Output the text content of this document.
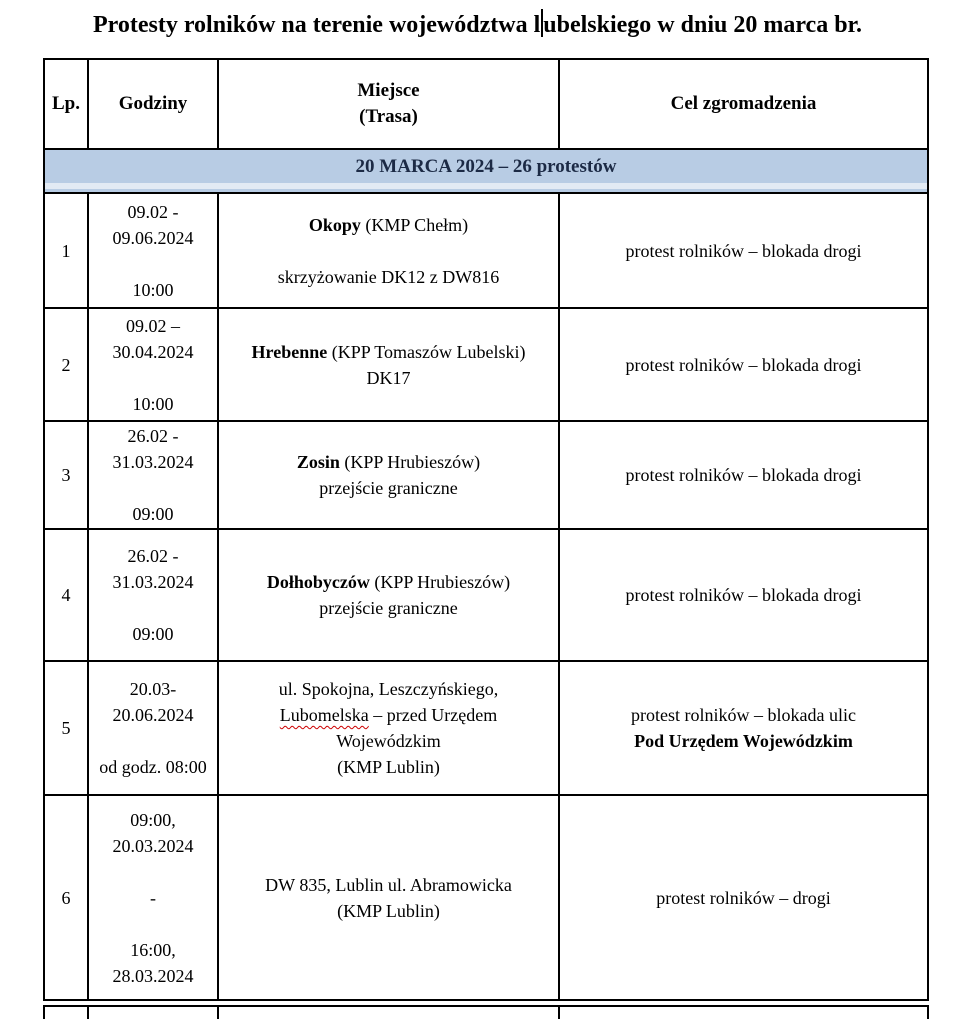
Protesty rolników na terenie województwa l ubelskiego w dniu 20 marca br.
Lp. Godziny
Miejsce
(Trasa)
Cel zgromadzenia
20 MARCA 2024 – 26 protestów
1
09.02 -
09.06.2024

10:00
Okopy (KMP Chełm)

skrzyżowanie DK12 z DW816
protest rolników – blokada drogi
2
09.02 –
30.04.2024

10:00
Hrebenne (KPP Tomaszów Lubelski)
DK17
protest rolników – blokada drogi
3
26.02 -
31.03.2024

09:00
Zosin (KPP Hrubieszów)
przejście graniczne
protest rolników – blokada drogi
4
26.02 -
31.03.2024

09:00
Dołhobyczów (KPP Hrubieszów)
przejście graniczne
protest rolników – blokada drogi
5
20.03-
20.06.2024

od godz. 08:00
ul. Spokojna, Leszczyńskiego,
Lubomelska – przed Urzędem
Wojewódzkim
(KMP Lublin)
protest rolników – blokada ulic
Pod Urzędem Wojewódzkim
6
09:00,
20.03.2024

-

16:00,
28.03.2024
DW 835, Lublin ul. Abramowicka
(KMP Lublin)
protest rolników – drogi
